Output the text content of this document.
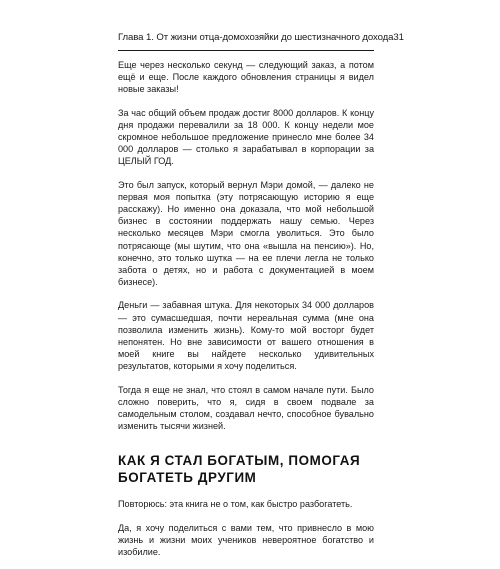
Глава 1. От жизни отца-домохозяйки до шестизначного дохода 31

Еще через несколько секунд — следующий заказ, а потом ещё и еще. После каждого обновления страницы я видел новые заказы!

За час общий объем продаж достиг 8000 долларов. К концу дня продажи перевалили за 18 000. К концу недели мое скромное небольшое предложение принесло мне более 34 000 долларов — столько я зарабатывал в корпорации за ЦЕЛЫЙ ГОД.

Это был запуск, который вернул Мэри домой, — далеко не первая моя попытка (эту потрясающую историю я еще расскажу). Но именно она доказала, что мой небольшой бизнес в состоянии поддержать нашу семью. Через несколько месяцев Мэри смогла уволиться. Это было потрясающе (мы шутим, что она «вышла на пенсию»). Но, конечно, это только шутка — на ее плечи легла не только забота о детях, но и работа с документацией в моем бизнесе).

Деньги — забавная штука. Для некоторых 34 000 долларов — это сумасшедшая, почти нереальная сумма (мне она позволила изменить жизнь). Кому-то мой восторг будет непонятен. Но вне зависимости от вашего отношения в моей книге вы найдете несколько удивительных результатов, которыми я хочу поделиться.

Тогда я еще не знал, что стоял в самом начале пути. Было сложно поверить, что я, сидя в своем подвале за самодельным столом, создавал нечто, способное бувально изменить тысячи жизней.

КАК Я СТАЛ БОГАТЫМ, ПОМОГАЯ
БОГАТЕТЬ ДРУГИМ

Повторюсь: эта книга не о том, как быстро разбогатеть.

Да, я хочу поделиться с вами тем, что привнесло в мою жизнь и жизни моих учеников невероятное богатство и изобилие.
